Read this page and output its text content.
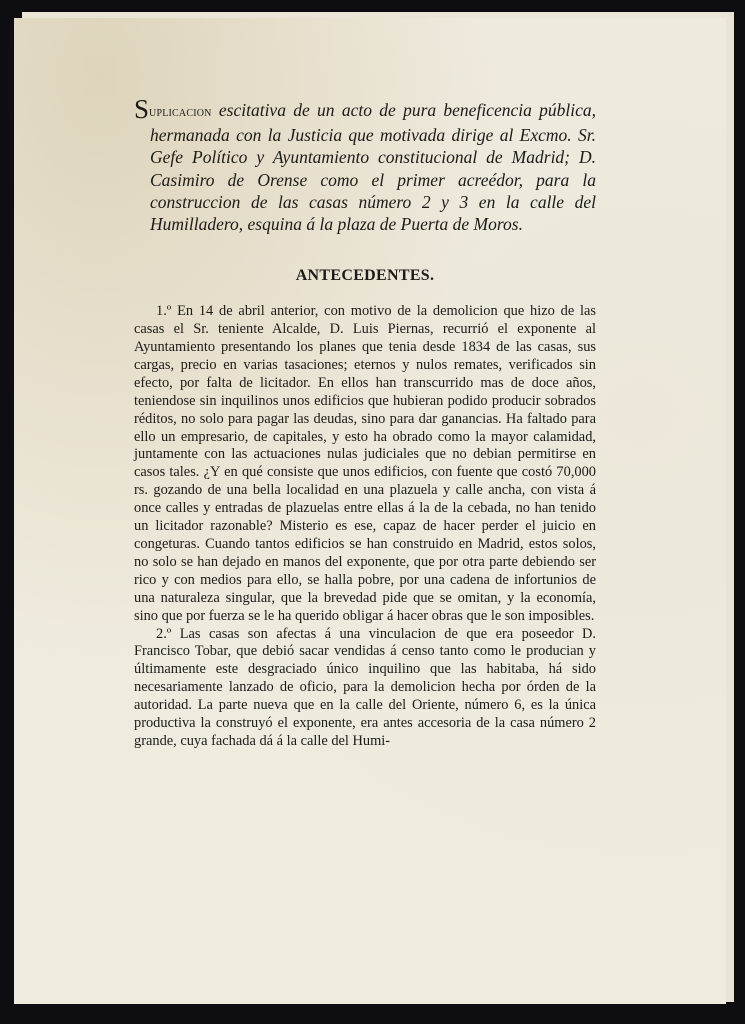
Suplicacion escitativa de un acto de pura beneficencia pública, hermanada con la Justicia que motivada dirige al Excmo. Sr. Gefe Político y Ayuntamiento constitucional de Madrid; D. Casimiro de Orense como el primer acreédor, para la construccion de las casas número 2 y 3 en la calle del Humilladero, esquina á la plaza de Puerta de Moros.

ANTECEDENTES.

1.º En 14 de abril anterior, con motivo de la demolicion que hizo de las casas el Sr. teniente Alcalde, D. Luis Piernas, recurrió el exponente al Ayuntamiento presentando los planes que tenia desde 1834 de las casas, sus cargas, precio en varias tasaciones; eternos y nulos remates, verificados sin efecto, por falta de licitador. En ellos han transcurrido mas de doce años, teniendose sin inquilinos unos edificios que hubieran podido producir sobrados réditos, no solo para pagar las deudas, sino para dar ganancias. Ha faltado para ello un empresario, de capitales, y esto ha obrado como la mayor calamidad, juntamente con las actuaciones nulas judiciales que no debian permitirse en casos tales. ¿Y en qué consiste que unos edificios, con fuente que costó 70,000 rs. gozando de una bella localidad en una plazuela y calle ancha, con vista á once calles y entradas de plazuelas entre ellas á la de la cebada, no han tenido un licitador razonable? Misterio es ese, capaz de hacer perder el juicio en congeturas. Cuando tantos edificios se han construido en Madrid, estos solos, no solo se han dejado en manos del exponente, que por otra parte debiendo ser rico y con medios para ello, se halla pobre, por una cadena de infortunios de una naturaleza singular, que la brevedad pide que se omitan, y la economía, sino que por fuerza se le ha querido obligar á hacer obras que le son imposibles.

2.º Las casas son afectas á una vinculacion de que era poseedor D. Francisco Tobar, que debió sacar vendidas á censo tanto como le producian y últimamente este desgraciado único inquilino que las habitaba, há sido necesariamente lanzado de oficio, para la demolicion hecha por órden de la autoridad. La parte nueva que en la calle del Oriente, número 6, es la única productiva la construyó el exponente, era antes accesoria de la casa número 2 grande, cuya fachada dá á la calle del Humi-
